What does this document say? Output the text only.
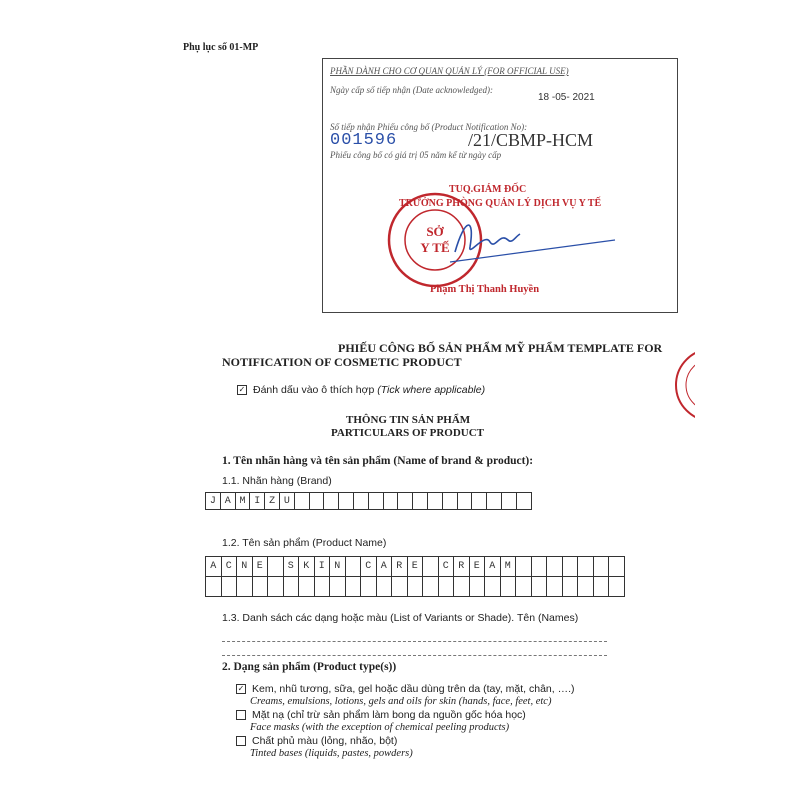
Phụ lục số 01-MP
PHẦN DÀNH CHO CƠ QUAN QUẢN LÝ (FOR OFFICIAL USE)
Ngày cấp số tiếp nhận (Date acknowledged):
18 -05- 2021
Số tiếp nhận Phiếu công bố (Product Notification No):
001596	/21/CBMP-HCM
Phiếu công bố có giá trị 05 năm kể từ ngày cấp
SỞ
Y TẾ
TUQ.GIÁM ĐỐC
TRƯỞNG PHÒNG QUẢN LÝ DỊCH VỤ Y TẾ
Phạm Thị Thanh Huyền
PHIẾU CÔNG BỐ SẢN PHẨM MỸ PHẨM TEMPLATE FOR
NOTIFICATION OF COSMETIC PRODUCT
✓ Đánh dấu vào ô thích hợp (Tick where applicable)
THÔNG TIN SẢN PHẨM
PARTICULARS OF PRODUCT
1. Tên nhãn hàng và tên sản phẩm (Name of brand & product):
1.1. Nhãn hàng (Brand)
J A M I Z U
1.2. Tên sản phẩm (Product Name)
A C N E	S K I N	C A R E	C R E A M
1.3. Danh sách các dạng hoặc màu (List of Variants or Shade). Tên (Names)
2. Dạng sản phẩm (Product type(s))
✓ Kem, nhũ tương, sữa, gel hoặc dầu dùng trên da (tay, mặt, chân, ….)
Creams, emulsions, lotions, gels and oils for skin (hands, face, feet, etc)
Mặt nạ (chỉ trừ sản phẩm làm bong da nguồn gốc hóa học)
Face masks (with the exception of chemical peeling products)
Chất phủ màu (lỏng, nhão, bột)
Tinted bases (liquids, pastes, powders)
